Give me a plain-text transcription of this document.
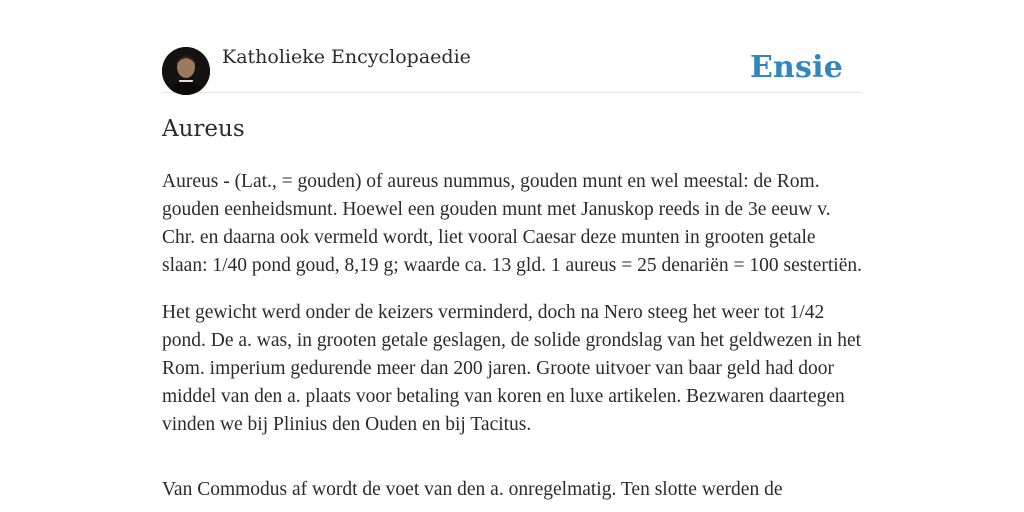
Katholieke Encyclopaedie	Ensie
Aureus

Aureus - (Lat., = gouden) of aureus nummus, gouden munt en wel meestal: de Rom. gouden eenheidsmunt. Hoewel een gouden munt met Januskop reeds in de 3e eeuw v. Chr. en daarna ook vermeld wordt, liet vooral Caesar deze munten in grooten getale slaan: 1/40 pond goud, 8,19 g; waarde ca. 13 gld. 1 aureus = 25 denariën = 100 sestertiën.

Het gewicht werd onder de keizers verminderd, doch na Nero steeg het weer tot 1/42 pond. De a. was, in grooten getale geslagen, de solide grondslag van het geldwezen in het Rom. imperium gedurende meer dan 200 jaren. Groote uitvoer van baar geld had door middel van den a. plaats voor betaling van koren en luxe artikelen. Bezwaren daartegen vinden we bij Plinius den Ouden en bij Tacitus.

Van Commodus af wordt de voet van den a. onregelmatig. Ten slotte werden de
